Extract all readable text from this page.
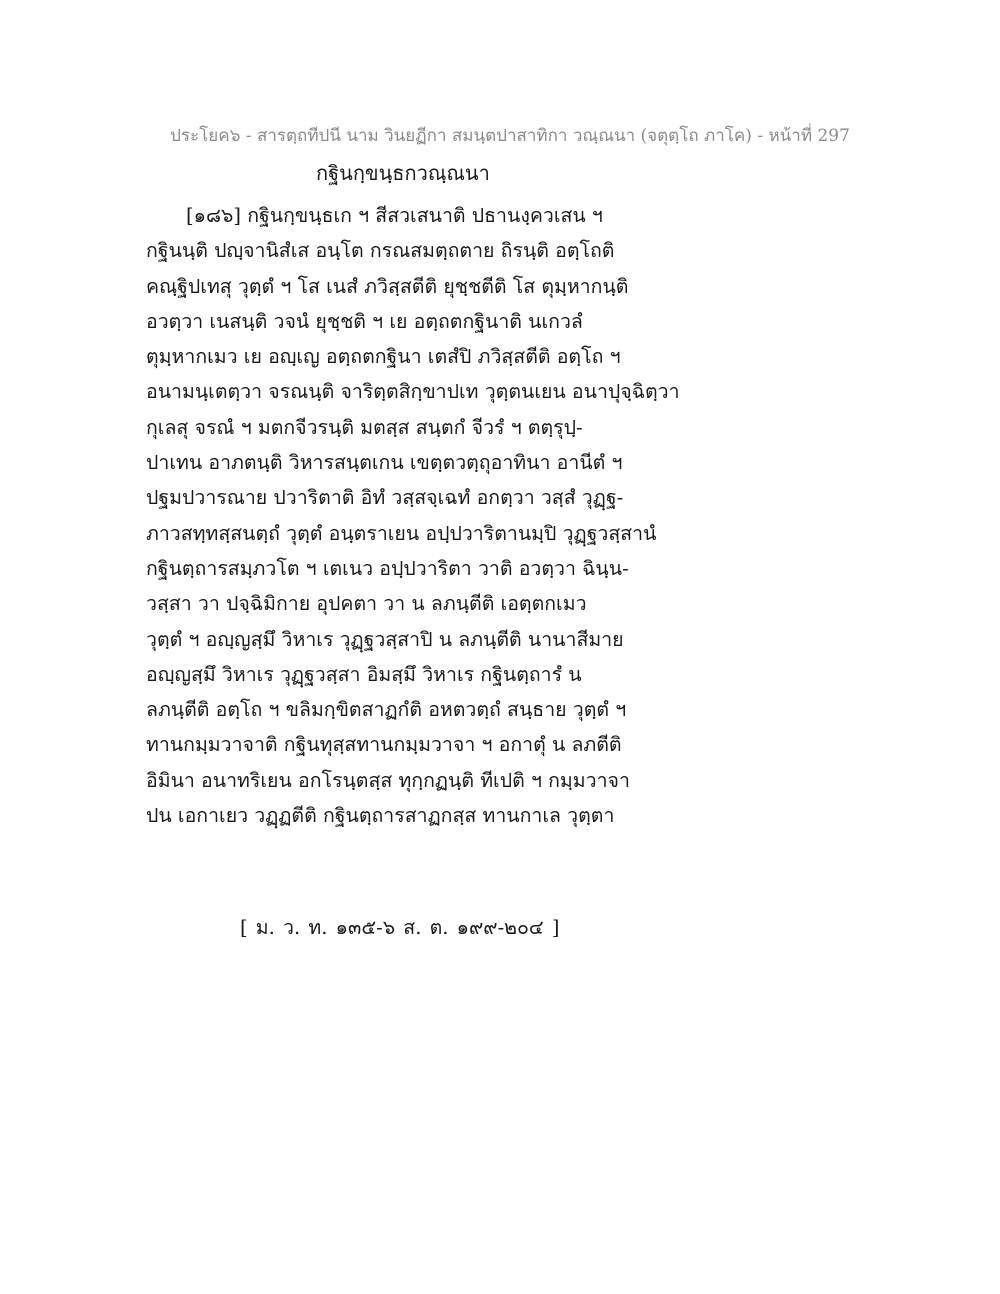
ประโยค๖ - สารตฺถทีปนี นาม วินยฏีกา สมนฺตปาสาทิกา วณฺณนา (จตุตฺโถ ภาโค) - หน้าที่ 297
กฐินกฺขนฺธกวณฺณนา
[๑๘๖] กฐินกฺขนฺธเก ฯ สีสวเสนาติ ปธานงฺควเสน ฯ
กฐินนฺติ ปญฺจานิสํเส อนฺโต กรณสมตฺถตาย ถิรนฺติ อตฺโถติ
คณฺฐิปเทสุ วุตฺตํ ฯ โส เนสํ ภวิสฺสตีติ ยุชฺชตีติ โส ตุมฺหากนฺติ
อวตฺวา เนสนฺติ วจนํ ยุชฺชติ ฯ เย อตฺถตกฐินาติ นเกวลํ
ตุมฺหากเมว เย อญฺเญ อตฺถตกฐินา เตสํปิ ภวิสฺสตีติ อตฺโถ ฯ
อนามนฺเตตฺวา จรณนฺติ จาริตฺตสิกฺขาปเท วุตฺตนเยน อนาปุจฺฉิตฺวา
กุเลสุ จรณํ ฯ มตกจีวรนฺติ มตสฺส สนฺตกํ จีวรํ ฯ ตตฺรุปฺ-
ปาเทน อาภตนฺติ วิหารสนฺตเกน เขตฺตวตฺถุอาทินา อานีตํ ฯ
ปฐมปวารณาย ปวาริตาติ อิทํ วสฺสจฺเฉทํ อกตฺวา วสฺสํ วุฏฺฐ-
ภาวสทฺทสฺสนตฺถํ วุตฺตํ อนฺตราเยน อปฺปวาริตานมฺปิ วุฏฺฐวสฺสานํ
กฐินตฺถารสมฺภวโต ฯ เตเนว อปฺปวาริตา วาติ อวตฺวา ฉินฺน-
วสฺสา วา ปจฺฉิมิกาย อุปคตา วา น ลภนฺตีติ เอตฺตกเมว
วุตฺตํ ฯ อญฺญสฺมึ วิหาเร วุฏฺฐวสฺสาปิ น ลภนฺตีติ นานาสีมาย
อญฺญสฺมึ วิหาเร วุฏฺฐวสฺสา อิมสฺมึ วิหาเร กฐินตฺถารํ น
ลภนฺตีติ อตฺโถ ฯ ขลิมกฺขิตสาฏกํติ อหตวตฺถํ สนฺธาย วุตฺตํ ฯ
ทานกมฺมวาจาติ กฐินทุสฺสทานกมฺมวาจา ฯ อกาตุํ น ลภตีติ
อิมินา อนาทริเยน อกโรนฺตสฺส ทุกฺกฏนฺติ ทีเปติ ฯ กมฺมวาจา
ปน เอกาเยว วฏฺฏตีติ กฐินตฺถารสาฏกสฺส ทานกาเล วุตฺตา
[ ม. ว. ท. ๑๓๕-๖ ส. ต. ๑๙๙-๒๐๔ ]
